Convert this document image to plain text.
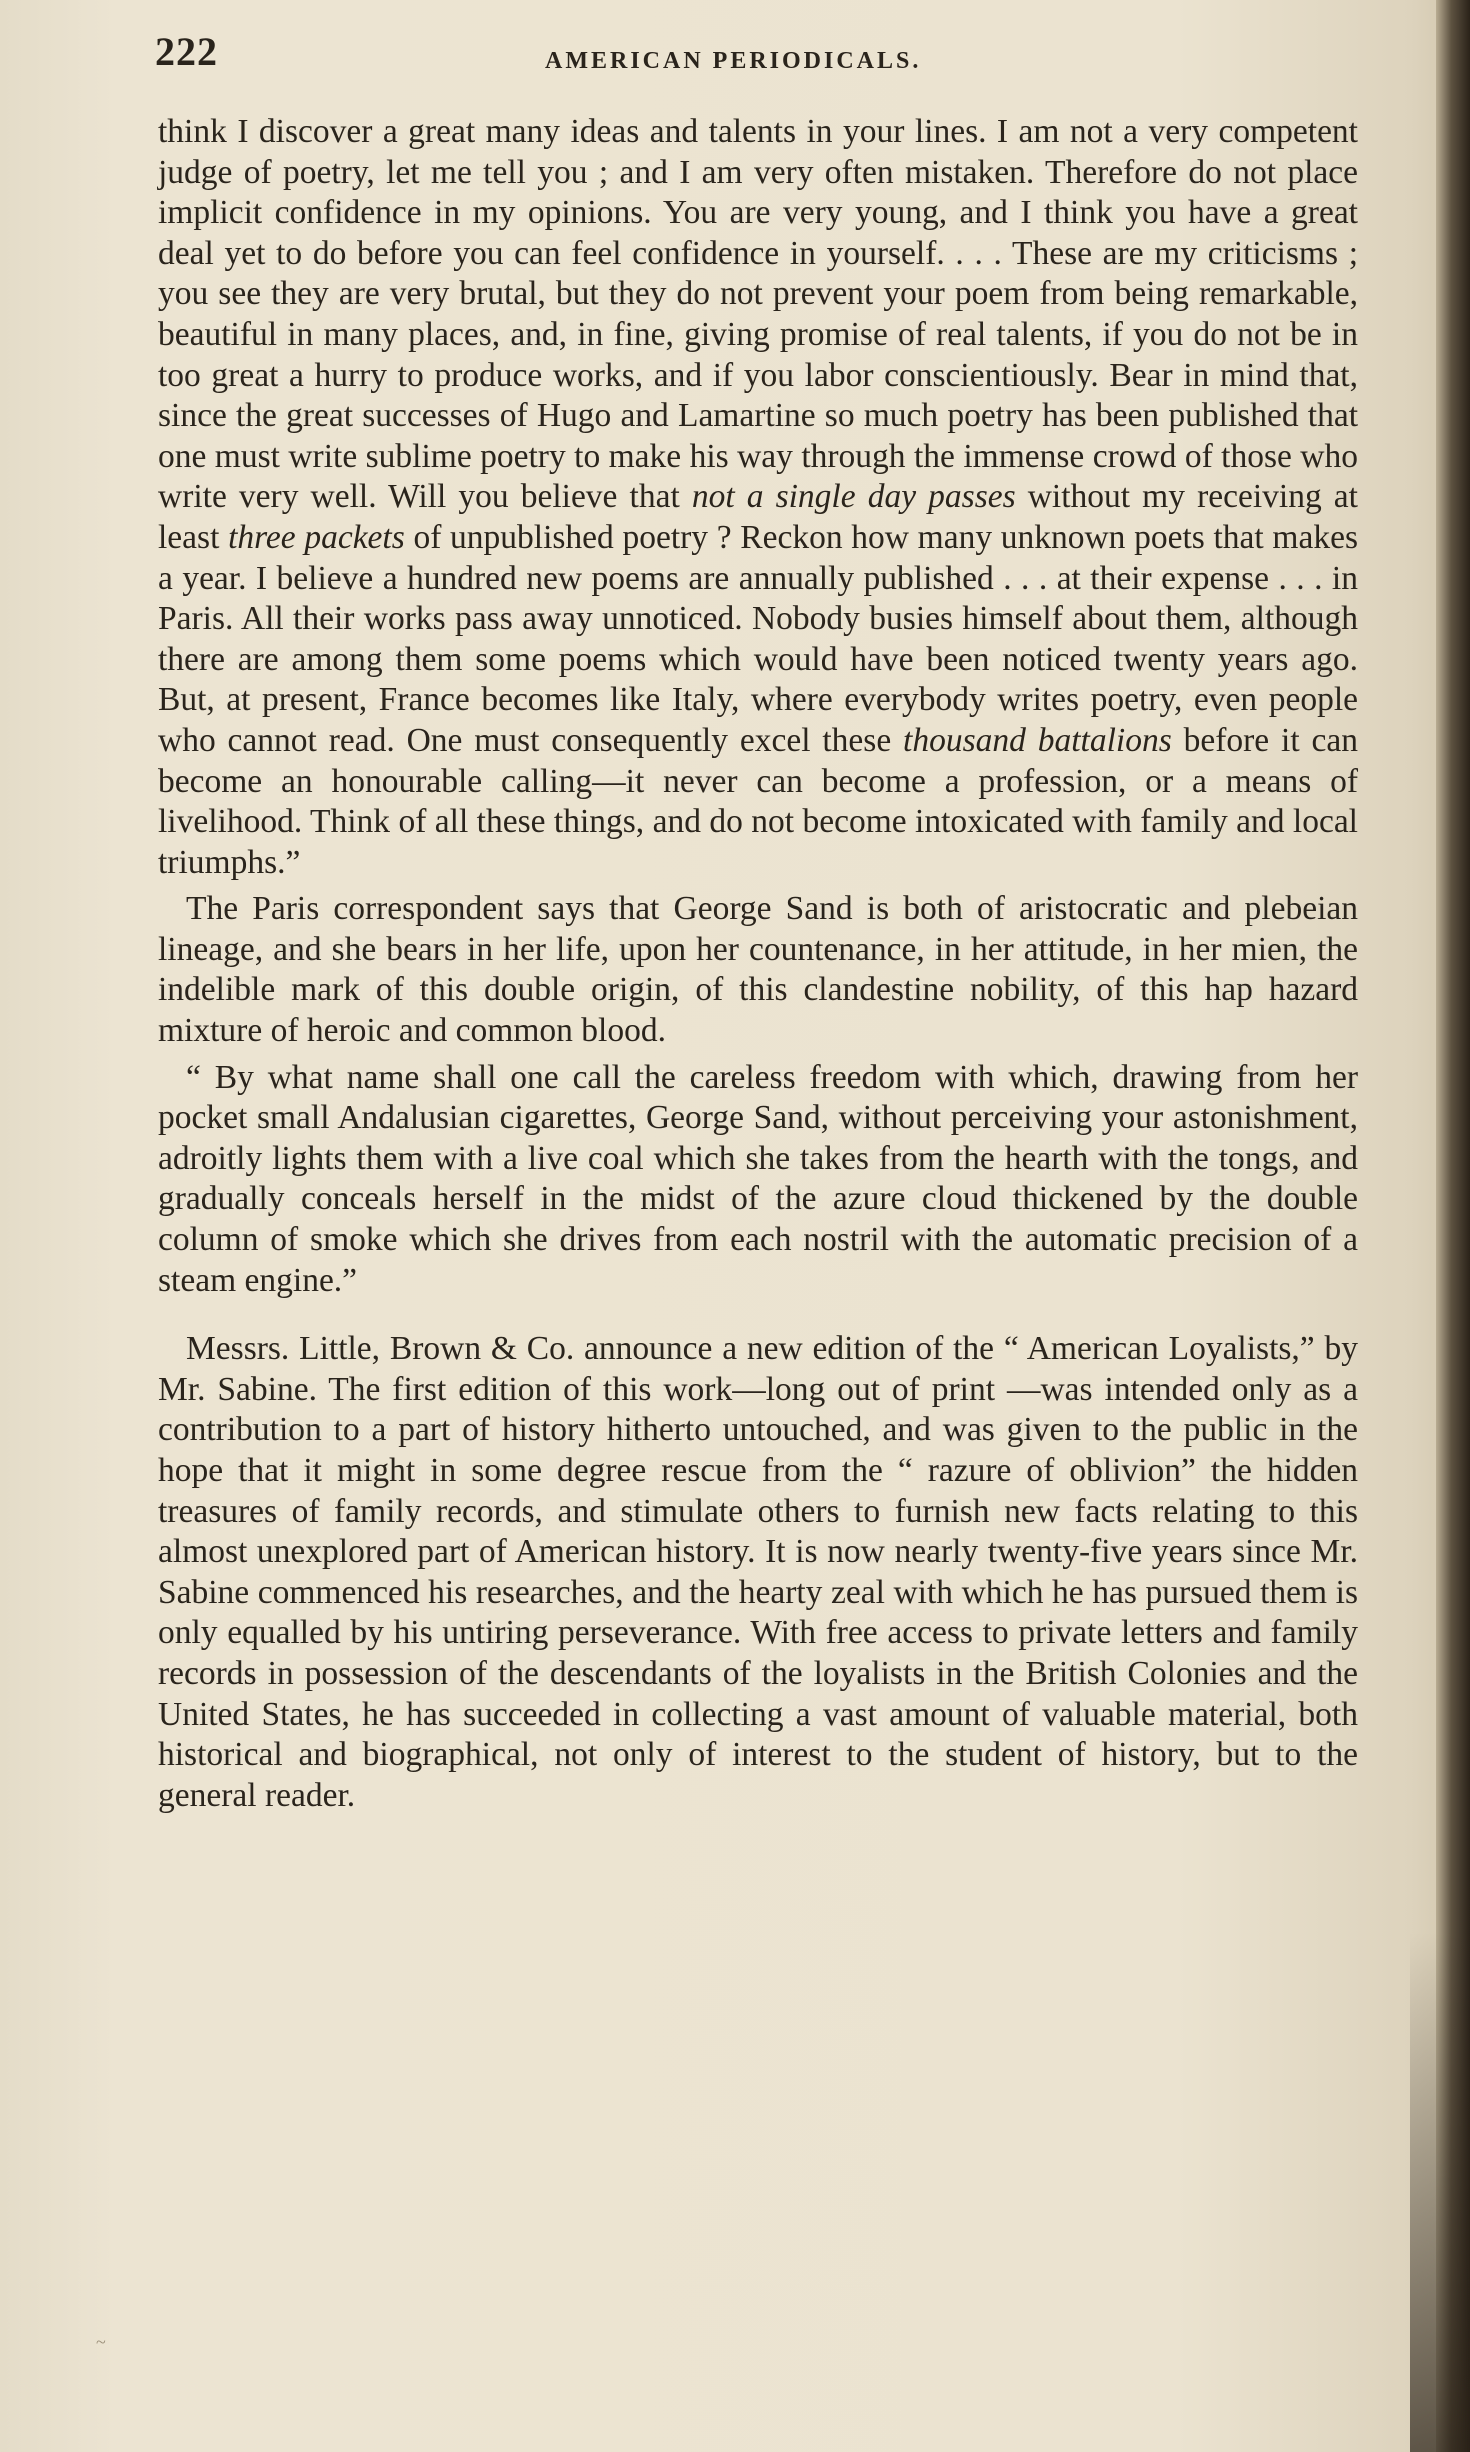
222	AMERICAN PERIODICALS.

think I discover a great many ideas and talents in your lines. I am not a very competent judge of poetry, let me tell you ; and I am very often mistaken. Therefore do not place implicit confidence in my opinions. You are very young, and I think you have a great deal yet to do before you can feel confidence in yourself. . . . These are my criticisms ; you see they are very brutal, but they do not prevent your poem from being remarkable, beautiful in many places, and, in fine, giving promise of real talents, if you do not be in too great a hurry to produce works, and if you labor conscientiously. Bear in mind that, since the great successes of Hugo and Lamartine so much poetry has been published that one must write sublime poetry to make his way through the immense crowd of those who write very well. Will you believe that not a single day passes without my receiving at least three packets of unpublished poetry ? Reckon how many unknown poets that makes a year. I believe a hundred new poems are annually published . . . at their expense . . . in Paris. All their works pass away unnoticed. Nobody busies himself about them, although there are among them some poems which would have been noticed twenty years ago. But, at present, France becomes like Italy, where everybody writes poetry, even people who cannot read. One must consequently excel these thousand battalions before it can become an honourable calling—it never can become a profession, or a means of livelihood. Think of all these things, and do not become intoxicated with family and local triumphs.”

The Paris correspondent says that George Sand is both of aristocratic and plebeian lineage, and she bears in her life, upon her countenance, in her attitude, in her mien, the indelible mark of this double origin, of this clandestine nobility, of this hap hazard mixture of heroic and common blood.

“ By what name shall one call the careless freedom with which, drawing from her pocket small Andalusian cigarettes, George Sand, without perceiving your astonishment, adroitly lights them with a live coal which she takes from the hearth with the tongs, and gradually conceals herself in the midst of the azure cloud thickened by the double column of smoke which she drives from each nostril with the automatic precision of a steam engine.”

Messrs. Little, Brown & Co. announce a new edition of the “ American Loyalists,” by Mr. Sabine. The first edition of this work—long out of print —was intended only as a contribution to a part of history hitherto untouched, and was given to the public in the hope that it might in some degree rescue from the “ razure of oblivion” the hidden treasures of family records, and stimulate others to furnish new facts relating to this almost unexplored part of American history. It is now nearly twenty-five years since Mr. Sabine commenced his researches, and the hearty zeal with which he has pursued them is only equalled by his untiring perseverance. With free access to private letters and family records in possession of the descendants of the loyalists in the British Colonies and the United States, he has succeeded in collecting a vast amount of valuable material, both historical and biographical, not only of interest to the student of history, but to the general reader.

~
